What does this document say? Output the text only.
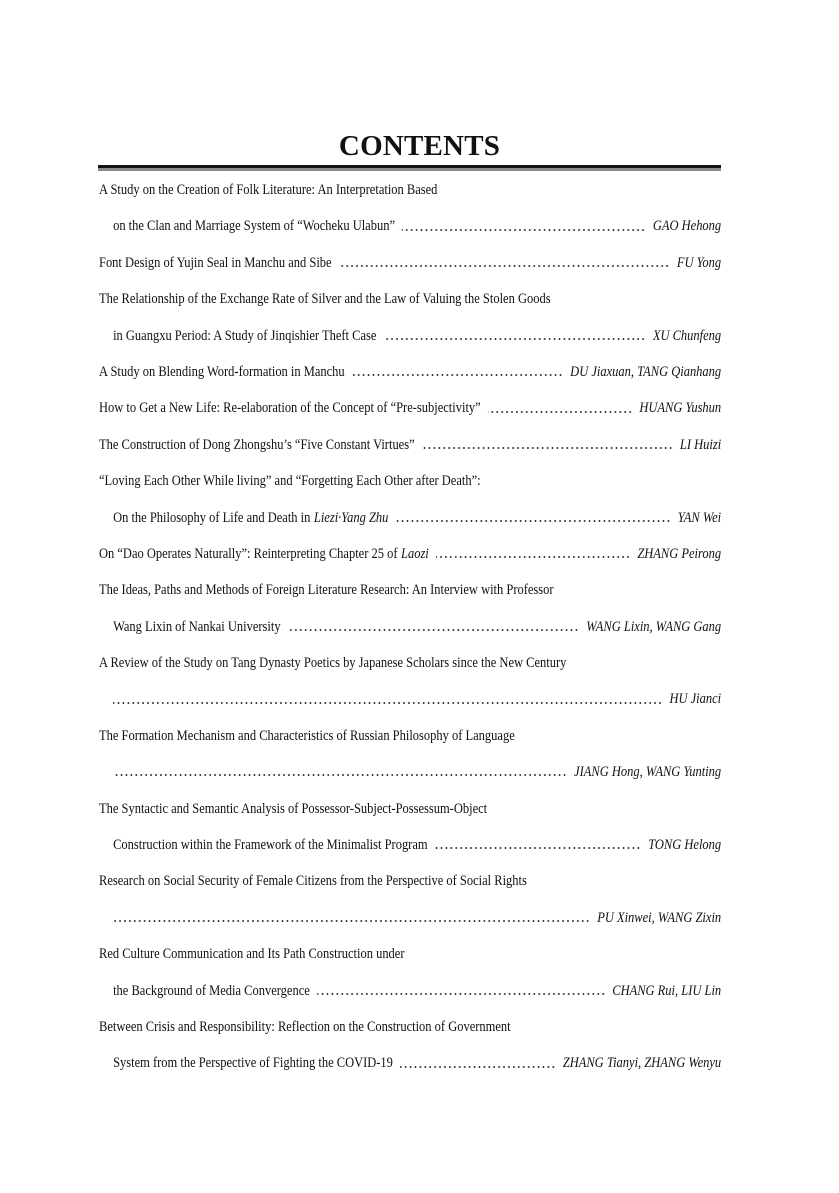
CONTENTS
A Study on the Creation of Folk Literature: An Interpretation Based
on the Clan and Marriage System of “Wocheku Ulabun”	GAO Hehong
Font Design of Yujin Seal in Manchu and Sibe	FU Yong
The Relationship of the Exchange Rate of Silver and the Law of Valuing the Stolen Goods
in Guangxu Period: A Study of Jinqishier Theft Case	XU Chunfeng
A Study on Blending Word-formation in Manchu	DU Jiaxuan, TANG Qianhang
How to Get a New Life: Re-elaboration of the Concept of “Pre-subjectivity”	HUANG Yushun
The Construction of Dong Zhongshu’s “Five Constant Virtues”	LI Huizi
“Loving Each Other While living” and “Forgetting Each Other after Death”:
On the Philosophy of Life and Death in Liezi·Yang Zhu	YAN Wei
On “Dao Operates Naturally”: Reinterpreting Chapter 25 of Laozi	ZHANG Peirong
The Ideas, Paths and Methods of Foreign Literature Research: An Interview with Professor
Wang Lixin of Nankai University	WANG Lixin, WANG Gang
A Review of the Study on Tang Dynasty Poetics by Japanese Scholars since the New Century
HU Jianci
The Formation Mechanism and Characteristics of Russian Philosophy of Language
JIANG Hong, WANG Yunting
The Syntactic and Semantic Analysis of Possessor-Subject-Possessum-Object
Construction within the Framework of the Minimalist Program	TONG Helong
Research on Social Security of Female Citizens from the Perspective of Social Rights
PU Xinwei, WANG Zixin
Red Culture Communication and Its Path Construction under
the Background of Media Convergence	CHANG Rui, LIU Lin
Between Crisis and Responsibility: Reflection on the Construction of Government
System from the Perspective of Fighting the COVID-19	ZHANG Tianyi, ZHANG Wenyu
